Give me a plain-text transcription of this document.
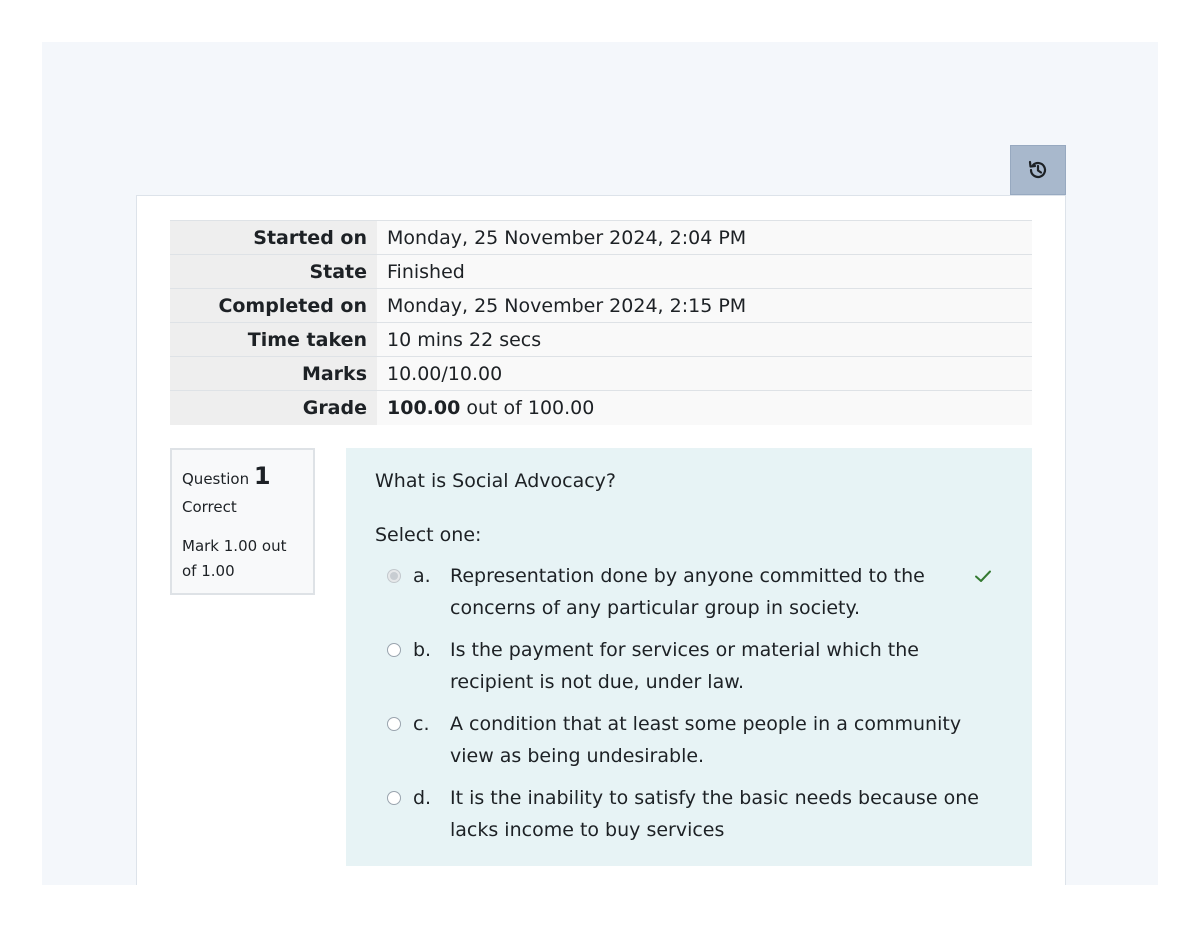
Started on	Monday, 25 November 2024, 2:04 PM
State	Finished
Completed on	Monday, 25 November 2024, 2:15 PM
Time taken	10 mins 22 secs
Marks	10.00/10.00
Grade	100.00 out of 100.00
Question 1
Correct
Mark 1.00 out of 1.00
What is Social Advocacy?
Select one:
a.	Representation done by anyone committed to the concerns of any particular group in society.
b. Is the payment for services or material which the recipient is not due, under law.
c.	A condition that at least some people in a community view as being undesirable.
d. It is the inability to satisfy the basic needs because one lacks income to buy services
